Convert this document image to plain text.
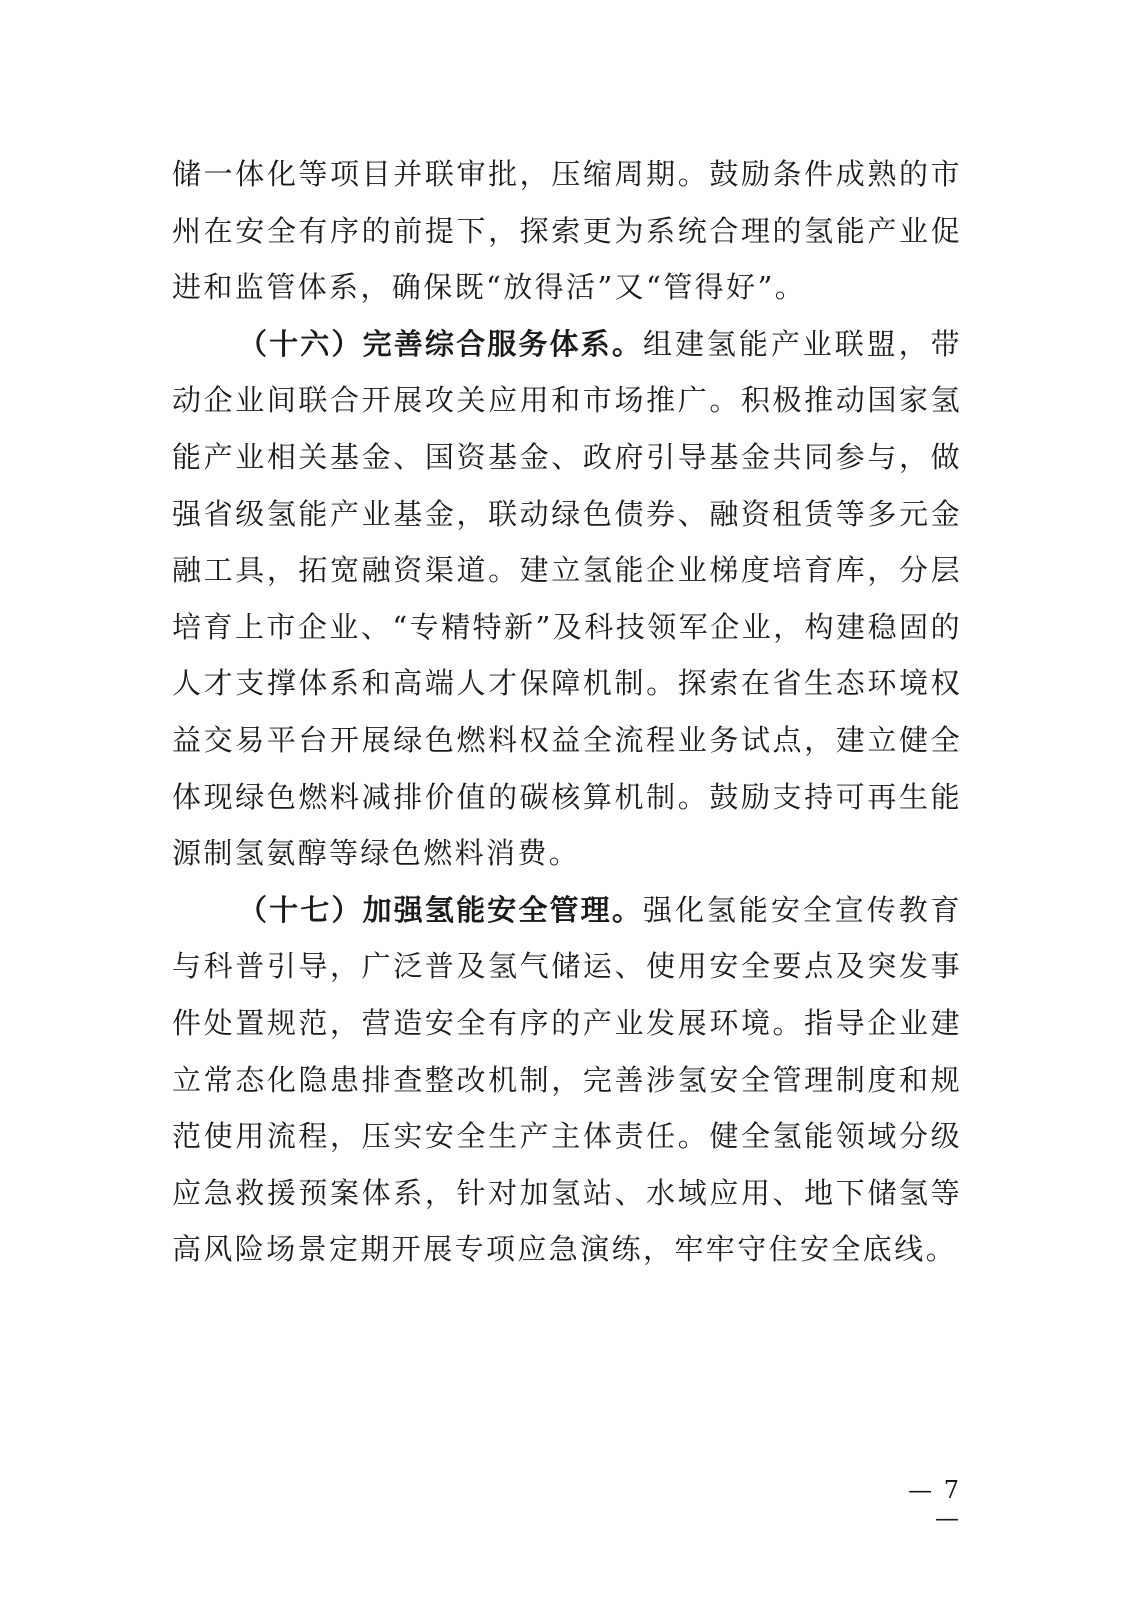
储一体化等项目并联审批，压缩周期。鼓励条件成熟的市州在安全有序的前提下，探索更为系统合理的氢能产业促进和监管体系，确保既“放得活”又“管得好”。

（十六）完善综合服务体系。组建氢能产业联盟，带动企业间联合开展攻关应用和市场推广。积极推动国家氢能产业相关基金、国资基金、政府引导基金共同参与，做强省级氢能产业基金，联动绿色债券、融资租赁等多元金融工具，拓宽融资渠道。建立氢能企业梯度培育库，分层培育上市企业、“专精特新”及科技领军企业，构建稳固的人才支撑体系和高端人才保障机制。探索在省生态环境权益交易平台开展绿色燃料权益全流程业务试点，建立健全体现绿色燃料减排价值的碳核算机制。鼓励支持可再生能源制氢氨醇等绿色燃料消费。

（十七）加强氢能安全管理。强化氢能安全宣传教育与科普引导，广泛普及氢气储运、使用安全要点及突发事件处置规范，营造安全有序的产业发展环境。指导企业建立常态化隐患排查整改机制，完善涉氢安全管理制度和规范使用流程，压实安全生产主体责任。健全氢能领域分级应急救援预案体系，针对加氢站、水域应用、地下储氢等高风险场景定期开展专项应急演练，牢牢守住安全底线。

— 7 —
